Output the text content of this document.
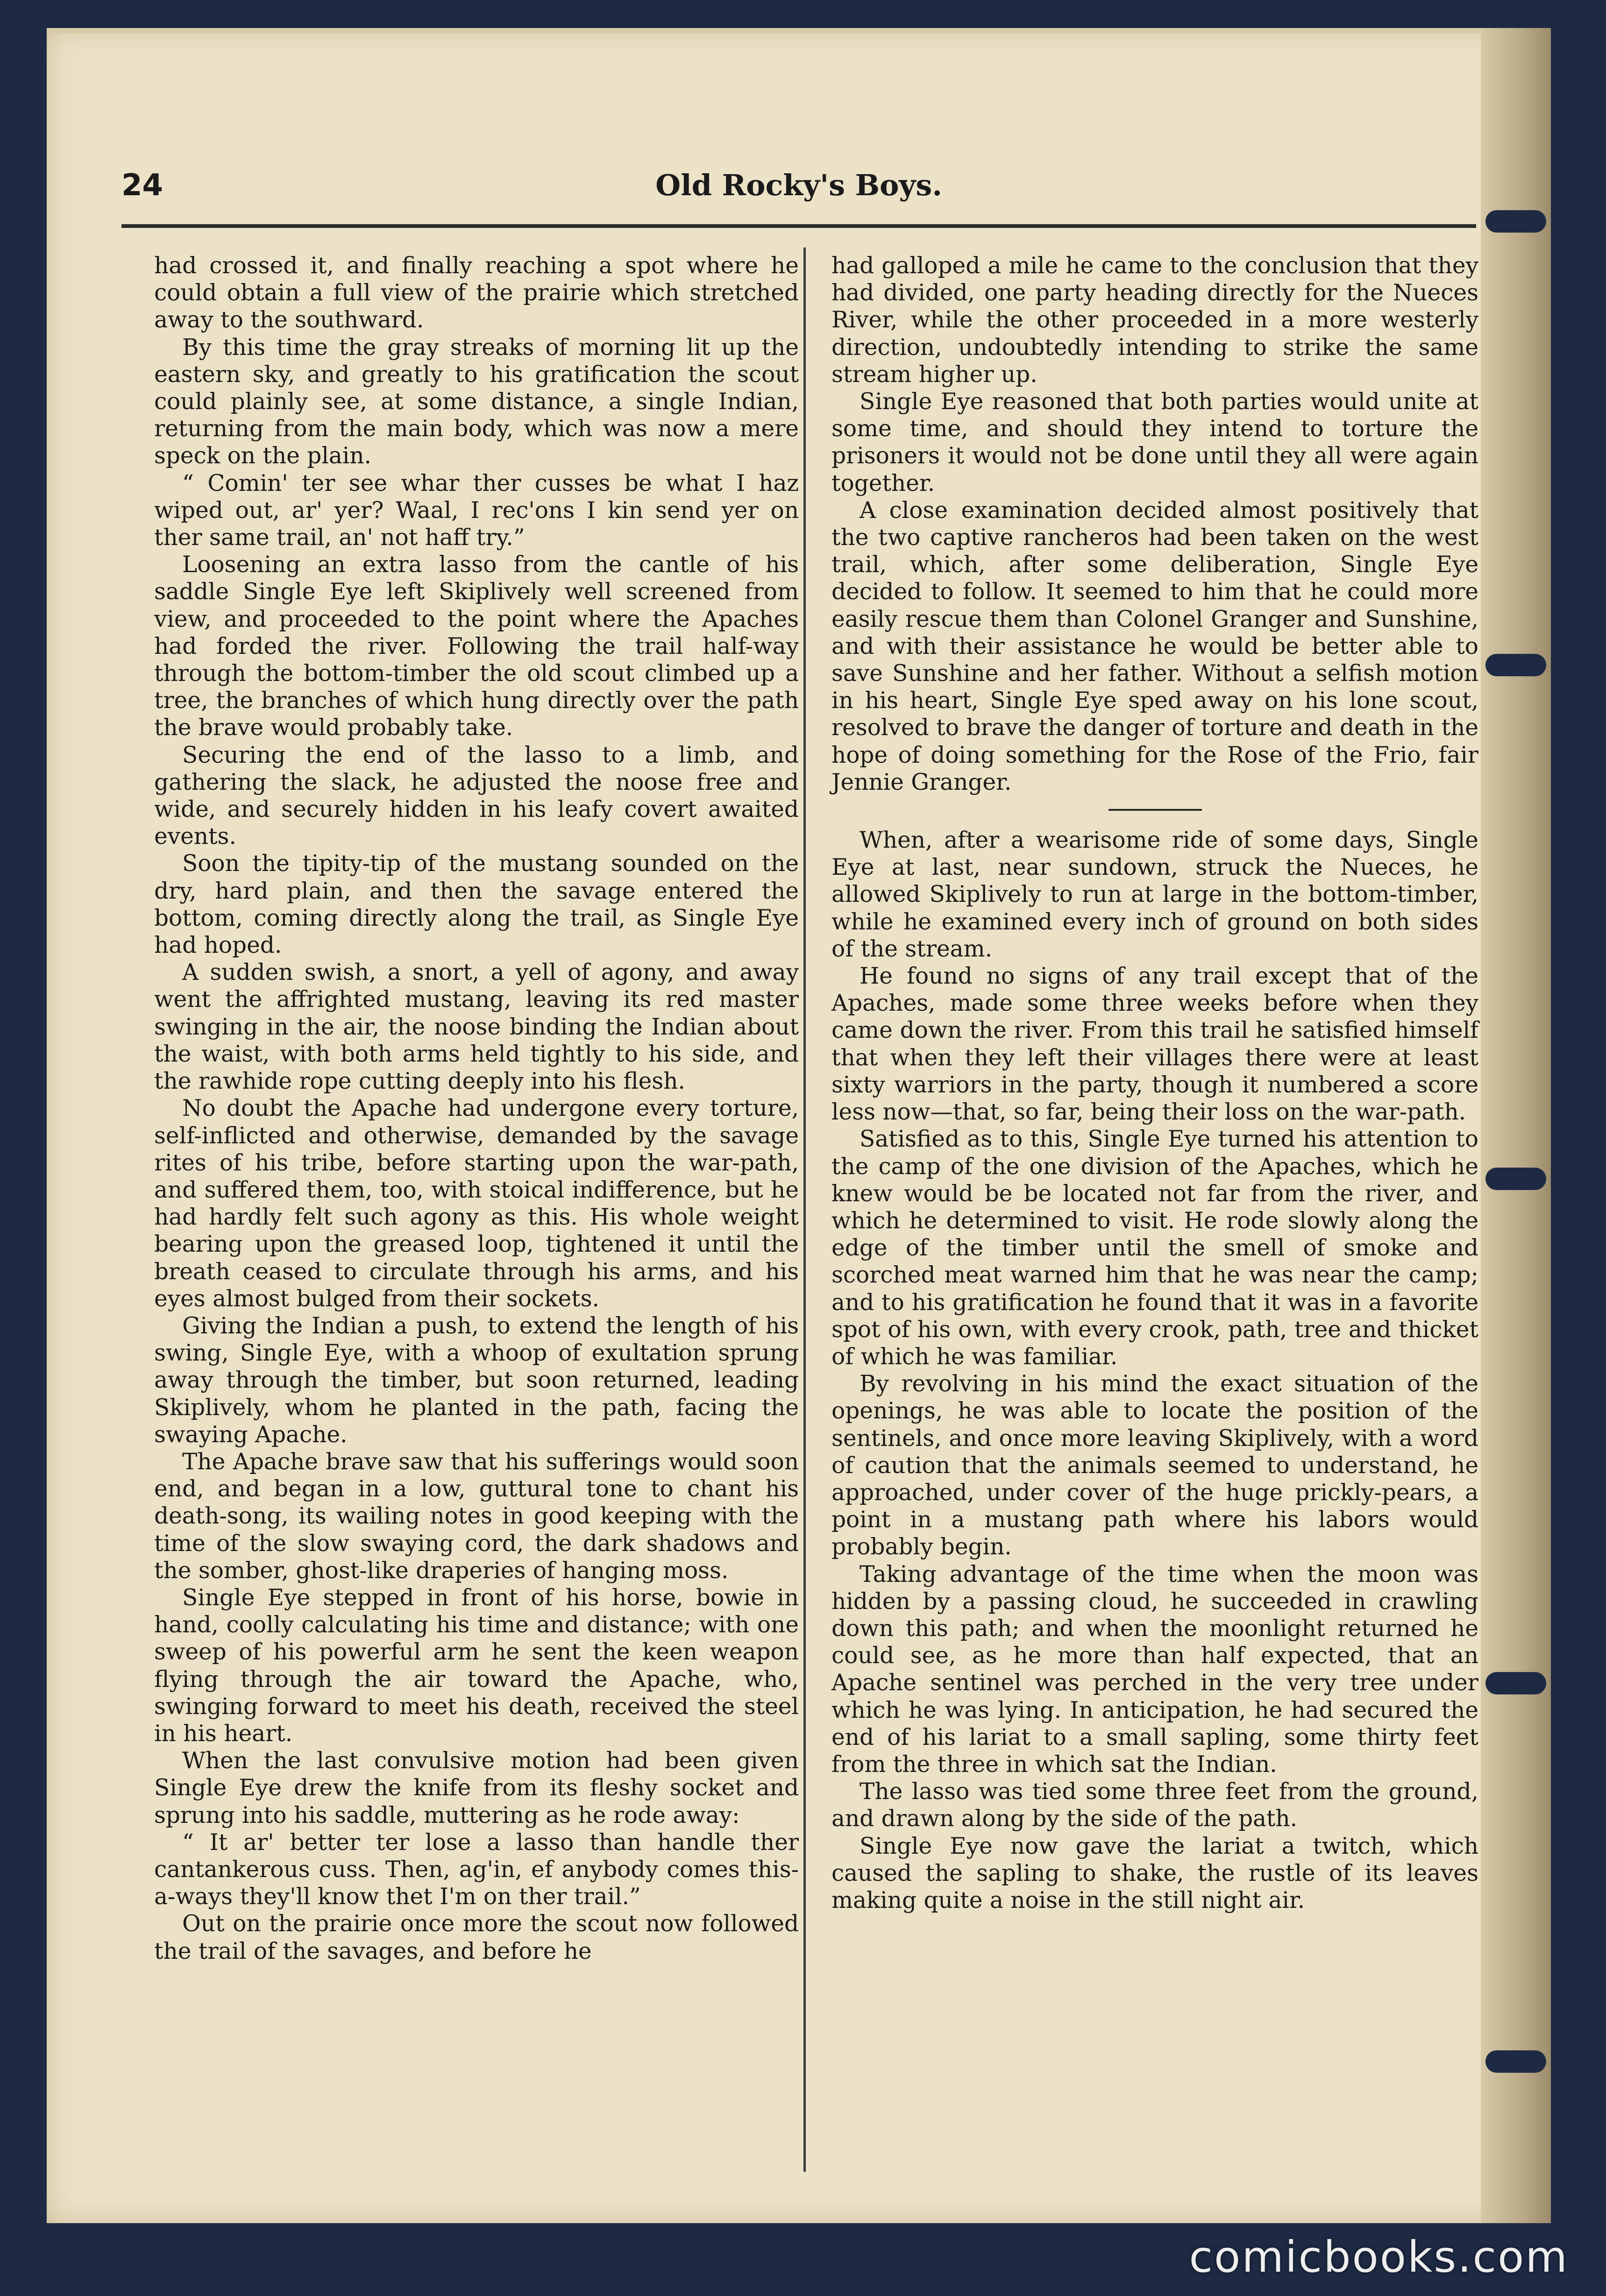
Old Rocky's Boys.
24

had crossed it, and finally reaching a spot where he could obtain a full view of the prairie which stretched away to the southward.

By this time the gray streaks of morning lit up the eastern sky, and greatly to his gratification the scout could plainly see, at some distance, a single Indian, returning from the main body, which was now a mere speck on the plain.

“ Comin' ter see whar ther cusses be what I haz wiped out, ar' yer? Waal, I rec'ons I kin send yer on ther same trail, an' not haff try.”

Loosening an extra lasso from the cantle of his saddle Single Eye left Skiplively well screened from view, and proceeded to the point where the Apaches had forded the river. Following the trail half-way through the bottom-timber the old scout climbed up a tree, the branches of which hung directly over the path the brave would probably take.

Securing the end of the lasso to a limb, and gathering the slack, he adjusted the noose free and wide, and securely hidden in his leafy covert awaited events.

Soon the tipity-tip of the mustang sounded on the dry, hard plain, and then the savage entered the bottom, coming directly along the trail, as Single Eye had hoped.

A sudden swish, a snort, a yell of agony, and away went the affrighted mustang, leaving its red master swinging in the air, the noose binding the Indian about the waist, with both arms held tightly to his side, and the rawhide rope cutting deeply into his flesh.

No doubt the Apache had undergone every torture, self-inflicted and otherwise, demanded by the savage rites of his tribe, before starting upon the war-path, and suffered them, too, with stoical indifference, but he had hardly felt such agony as this. His whole weight bearing upon the greased loop, tightened it until the breath ceased to circulate through his arms, and his eyes almost bulged from their sockets.

Giving the Indian a push, to extend the length of his swing, Single Eye, with a whoop of exultation sprung away through the timber, but soon returned, leading Skiplively, whom he planted in the path, facing the swaying Apache.

The Apache brave saw that his sufferings would soon end, and began in a low, guttural tone to chant his death-song, its wailing notes in good keeping with the time of the slow swaying cord, the dark shadows and the somber, ghost-like draperies of hanging moss.

Single Eye stepped in front of his horse, bowie in hand, coolly calculating his time and distance; with one sweep of his powerful arm he sent the keen weapon flying through the air toward the Apache, who, swinging forward to meet his death, received the steel in his heart.

When the last convulsive motion had been given Single Eye drew the knife from its fleshy socket and sprung into his saddle, muttering as he rode away:

“ It ar' better ter lose a lasso than handle ther cantankerous cuss. Then, ag'in, ef anybody comes this-a-ways they'll know thet I'm on ther trail.”

Out on the prairie once more the scout now followed the trail of the savages, and before he

had galloped a mile he came to the conclusion that they had divided, one party heading directly for the Nueces River, while the other proceeded in a more westerly direction, undoubtedly intending to strike the same stream higher up.

Single Eye reasoned that both parties would unite at some time, and should they intend to torture the prisoners it would not be done until they all were again together.

A close examination decided almost positively that the two captive rancheros had been taken on the west trail, which, after some deliberation, Single Eye decided to follow. It seemed to him that he could more easily rescue them than Colonel Granger and Sunshine, and with their assistance he would be better able to save Sunshine and her father. Without a selfish motion in his heart, Single Eye sped away on his lone scout, resolved to brave the danger of torture and death in the hope of doing something for the Rose of the Frio, fair Jennie Granger.

When, after a wearisome ride of some days, Single Eye at last, near sundown, struck the Nueces, he allowed Skiplively to run at large in the bottom-timber, while he examined every inch of ground on both sides of the stream.

He found no signs of any trail except that of the Apaches, made some three weeks before when they came down the river. From this trail he satisfied himself that when they left their villages there were at least sixty warriors in the party, though it numbered a score less now—that, so far, being their loss on the war-path.

Satisfied as to this, Single Eye turned his attention to the camp of the one division of the Apaches, which he knew would be be located not far from the river, and which he determined to visit. He rode slowly along the edge of the timber until the smell of smoke and scorched meat warned him that he was near the camp; and to his gratification he found that it was in a favorite spot of his own, with every crook, path, tree and thicket of which he was familiar.

By revolving in his mind the exact situation of the openings, he was able to locate the position of the sentinels, and once more leaving Skiplively, with a word of caution that the animals seemed to understand, he approached, under cover of the huge prickly-pears, a point in a mustang path where his labors would probably begin.

Taking advantage of the time when the moon was hidden by a passing cloud, he succeeded in crawling down this path; and when the moonlight returned he could see, as he more than half expected, that an Apache sentinel was perched in the very tree under which he was lying. In anticipation, he had secured the end of his lariat to a small sapling, some thirty feet from the three in which sat the Indian.

The lasso was tied some three feet from the ground, and drawn along by the side of the path.

Single Eye now gave the lariat a twitch, which caused the sapling to shake, the rustle of its leaves making quite a noise in the still night air.

comicbooks.com
